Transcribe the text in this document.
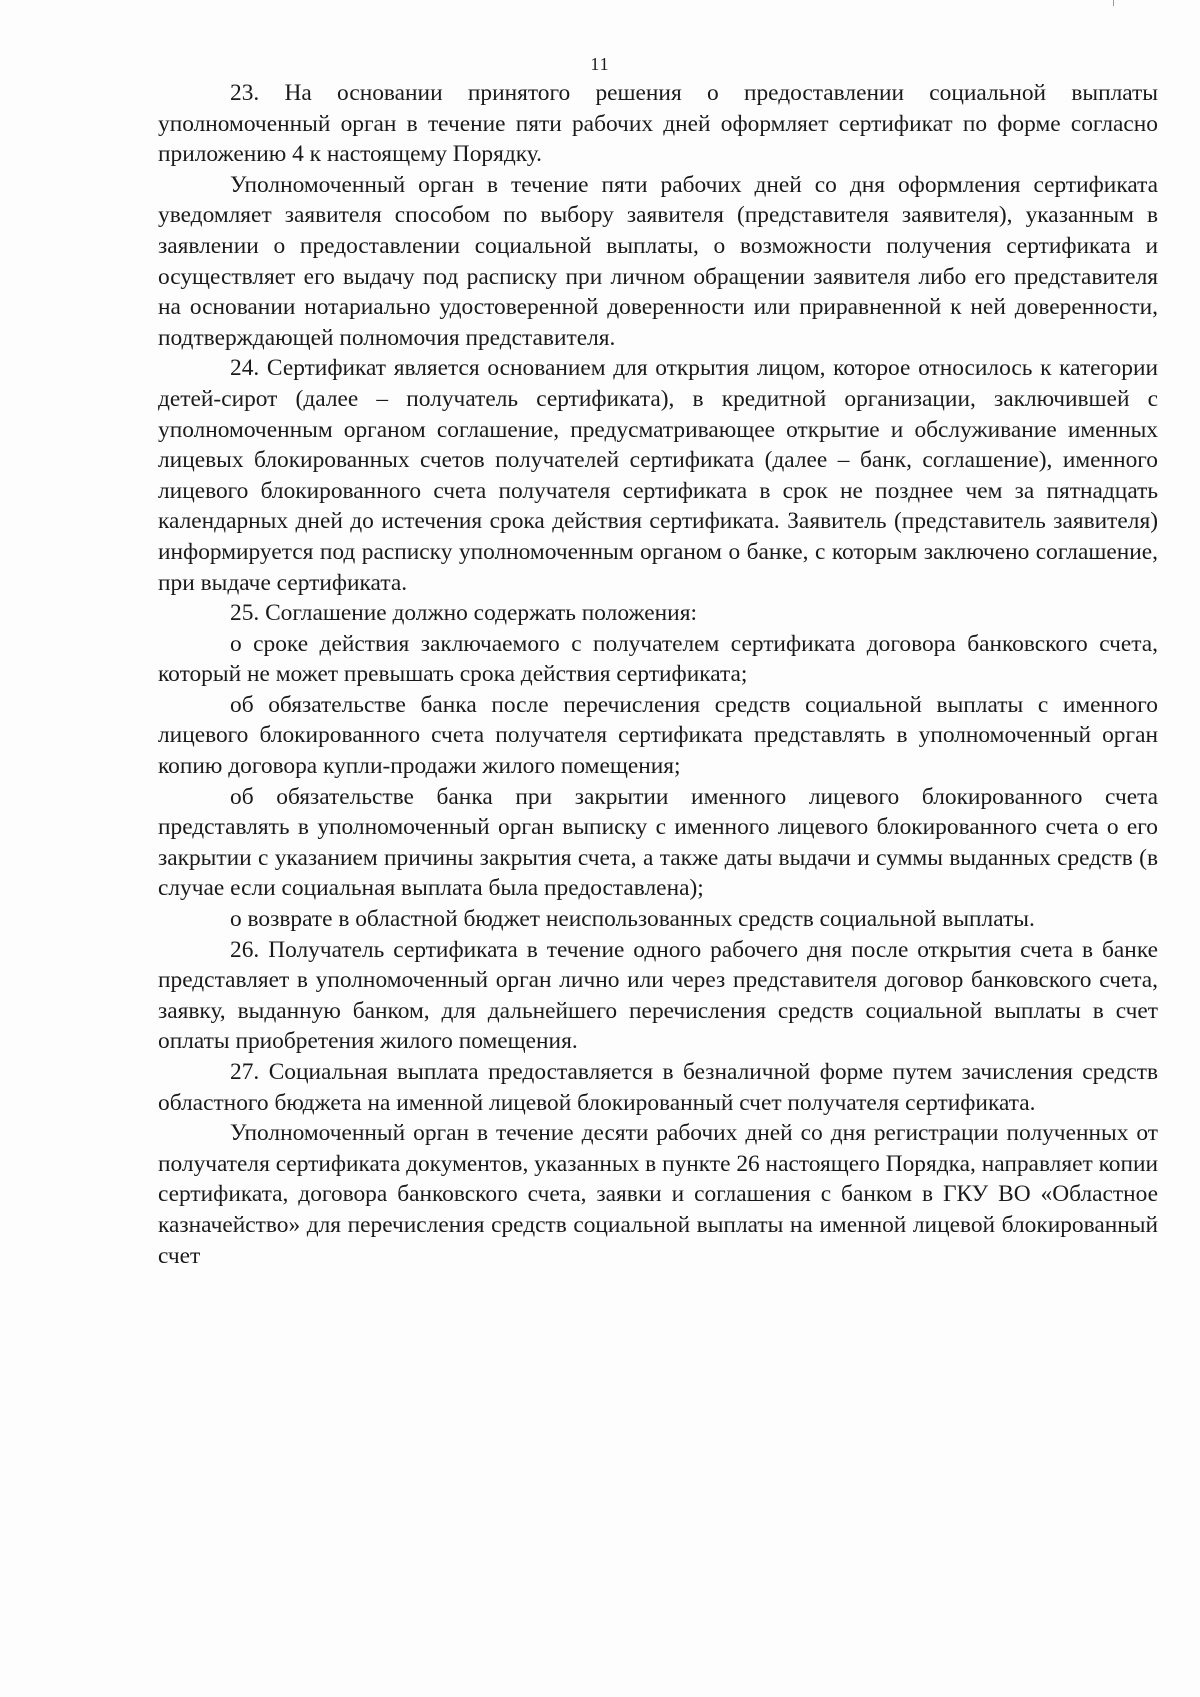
11

23. На основании принятого решения о предоставлении социальной выплаты уполномоченный орган в течение пяти рабочих дней оформляет сертификат по форме согласно приложению 4 к настоящему Порядку.

Уполномоченный орган в течение пяти рабочих дней со дня оформления сертификата уведомляет заявителя способом по выбору заявителя (представителя заявителя), указанным в заявлении о предоставлении социальной выплаты, о возможности получения сертификата и осуществляет его выдачу под расписку при личном обращении заявителя либо его представителя на основании нотариально удостоверенной доверенности или приравненной к ней доверенности, подтверждающей полномочия представителя.

24. Сертификат является основанием для открытия лицом, которое относилось к категории детей-сирот (далее – получатель сертификата), в кредитной организации, заключившей с уполномоченным органом соглашение, предусматривающее открытие и обслуживание именных лицевых блокированных счетов получателей сертификата (далее – банк, соглашение), именного лицевого блокированного счета получателя сертификата в срок не позднее чем за пятнадцать календарных дней до истечения срока действия сертификата. Заявитель (представитель заявителя) информируется под расписку уполномоченным органом о банке, с которым заключено соглашение, при выдаче сертификата.

25. Соглашение должно содержать положения:

о сроке действия заключаемого с получателем сертификата договора банковского счета, который не может превышать срока действия сертификата;

об обязательстве банка после перечисления средств социальной выплаты с именного лицевого блокированного счета получателя сертификата представлять в уполномоченный орган копию договора купли-продажи жилого помещения;

об обязательстве банка при закрытии именного лицевого блокированного счета представлять в уполномоченный орган выписку с именного лицевого блокированного счета о его закрытии с указанием причины закрытия счета, а также даты выдачи и суммы выданных средств (в случае если социальная выплата была предоставлена);

о возврате в областной бюджет неиспользованных средств социальной выплаты.

26. Получатель сертификата в течение одного рабочего дня после открытия счета в банке представляет в уполномоченный орган лично или через представителя договор банковского счета, заявку, выданную банком, для дальнейшего перечисления средств социальной выплаты в счет оплаты приобретения жилого помещения.

27. Социальная выплата предоставляется в безналичной форме путем зачисления средств областного бюджета на именной лицевой блокированный счет получателя сертификата.

Уполномоченный орган в течение десяти рабочих дней со дня регистрации полученных от получателя сертификата документов, указанных в пункте 26 настоящего Порядка, направляет копии сертификата, договора банковского счета, заявки и соглашения с банком в ГКУ ВО «Областное казначейство» для перечисления средств социальной выплаты на именной лицевой блокированный счет
